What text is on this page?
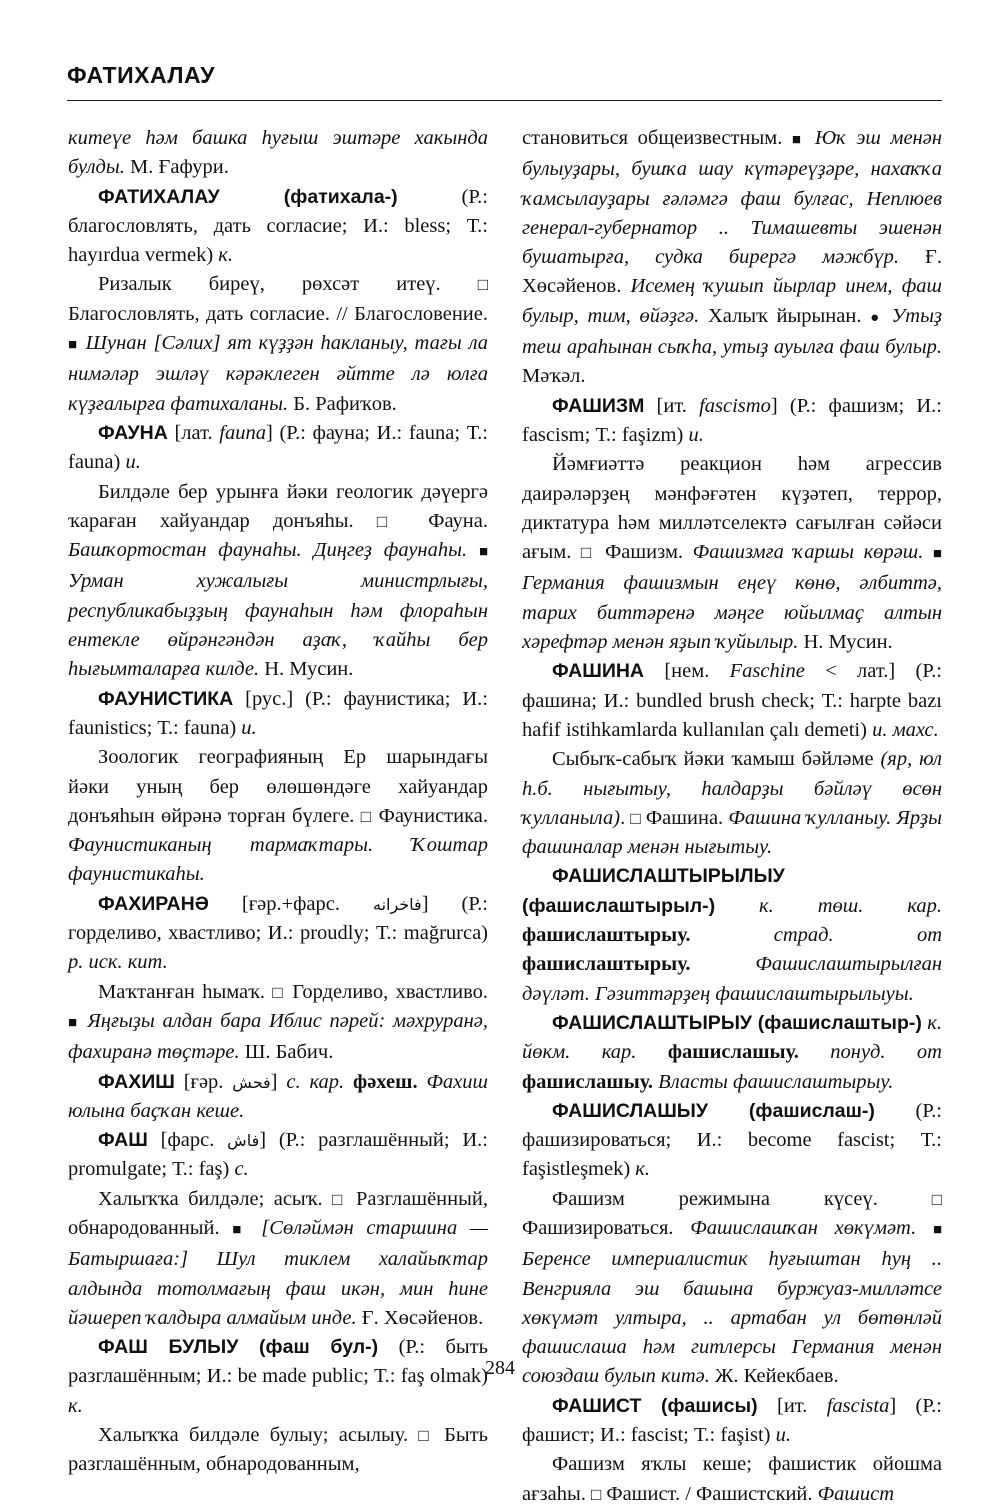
ФАТИХАЛАУ

китеүе һәм башка һуғыш эштәре хакында булды. М. Ғафури.

ФАТИХАЛАУ (фатихала-) (Р.: благословлять, дать согласие; И.: bless; Т.: hayırdua vermek) к.

Ризалык биреү, рөхсәт итеү. □ Благословлять, дать согласие. // Благословение. ■ Шунан [Сәлих] ят күҙҙән һакланыу, тағы ла нимәләр эшләү кәрәклеген әйтте лә юлға күҙғалырға фатихаланы. Б. Рафиҡов.

ФАУНА [лат. fauna] (Р.: фауна; И.: fauna; Т.: fauna) и.

Билдәле бер урынға йәки геологик дәүергә ҡараған хайуандар донъяһы. □ Фауна. Башҡортостан фаунаһы. Диңгеҙ фаунаһы. ■ Урман хужалығы министрлығы, республикабыҙҙың фаунаһын һәм флораһын ентекле өйрәнгәндән аҙаҡ, ҡайһы бер һығымталарға килде. Н. Мусин.

ФАУНИСТИКА [рус.] (Р.: фаунистика; И.: faunistics; Т.: fauna) и.

Зоологик географияның Ер шарындағы йәки уның бер өлөшөндәге хайуандар донъяһын өйрәнә торған бүлеге. □ Фаунистика. Фаунистиканың тармаҡтары. Ҡоштар фаунистикаһы.

ФАХИРАНӘ [ғәр.+фарс. فاخرانه] (Р.: горделиво, хвастливо; И.: proudly; Т.: mağrurca) р. иск. кит.

Маҡтанған һымаҡ. □ Горделиво, хвастливо. ■ Яңғыҙы алдан бара Иблис пәрей: мәхруранә, фахиранә төҫтәре. Ш. Бабич.

ФАХИШ [ғәр. فحش] с. кар. фәхеш. Фахиш юлына баҫҡан кеше.

ФАШ [фарс. فاش] (Р.: разглашённый; И.: promulgate; Т.: faş) с.

Халыҡҡа билдәле; асыҡ. □ Разглашённый, обнародованный. ■ [Сөләймән старшина — Батыршаға:] Шул тиклем халайыҡтар алдында тотолмағың фаш икән, мин һине йәшереп ҡалдыра алмайым инде. Ғ. Хөсәйенов.

ФАШ БУЛЫУ (фаш бул-) (Р.: быть разглашённым; И.: be made public; Т.: faş olmak) к.

Халыҡҡа билдәле булыу; асылыу. □ Быть разглашённым, обнародованным,

становиться общеизвестным. ■ Юҡ эш менән булыуҙары, бушҡа шау күтәреүҙәре, нахаҡҡа ҡамсылауҙары ғәләмгә фаш булғас, Неплюев генерал-губернатор .. Тимашевты эшенән бушатырға, судка бирергә мәжбүр. Ғ. Хөсәйенов. Исемең ҡушып йырлар инем, фаш булыр, тим, өйәҙгә. Халыҡ йырынан. ● Утыҙ теш араһынан сыҡһа, утыҙ ауылға фаш булыр. Мәҡәл.

ФАШИЗМ [ит. fascismo] (Р.: фашизм; И.: fascism; Т.: faşizm) и.

Йәмғиәттә реакцион һәм агрессив даирәләрҙең мәнфәғәтен күҙәтеп, террор, диктатура һәм милләтселектә сағылған сәйәси ағым. □ Фашизм. Фашизмға ҡаршы көрәш. ■ Германия фашизмын еңеү көнө, әлбиттә, тарих биттәренә мәңге юйылмаҫ алтын хәрефтәр менән яҙып ҡуйылыр. Н. Мусин.

ФАШИНА [нем. Faschine < лат.] (Р.: фашина; И.: bundled brush check; Т.: harpte bazı hafif istihkamlarda kullanılan çalı demeti) и. махс.

Сыбыҡ-сабыҡ йәки ҡамыш бәйләме (яр, юл h.б. нығытыу, һалдарҙы бәйләү өсөн ҡулланыла). □ Фашина. Фашина ҡулланыу. Ярҙы фашиналар менән нығытыу.

ФАШИСЛАШТЫРЫЛЫУ (фашислаштырыл-) к. төш. кар. фашислаштырыу. страд. от фашислаштырыу. Фашислаштырылған дәүләт. Гәзиттәрҙең фашислаштырылыуы.

ФАШИСЛАШТЫРЫУ (фашислаштыр-) к. йөкм. кар. фашислашыу. понуд. от фашислашыу. Власты фашислаштырыу.

ФАШИСЛАШЫУ (фашислаш-) (Р.: фашизироваться; И.: become fascist; Т.: faşistleşmek) к.

Фашизм режимына күсеү. □ Фашизироваться. Фашислашҡан хөкүмәт. ■ Беренсе империалистик һуғыштан һуң .. Венгрияла эш башына буржуаз-милләтсе хөкүмәт ултыра, .. артабан ул бөтөнләй фашислаша һәм гитлерсы Германия менән союздаш булып китә. Ж. Кейекбаев.

ФАШИСТ (фашисы) [ит. fascista] (Р.: фашист; И.: fascist; Т.: faşist) и.

Фашизм яҡлы кеше; фашистик ойошма ағзаһы. □ Фашист. / Фашистский. Фашист

284
